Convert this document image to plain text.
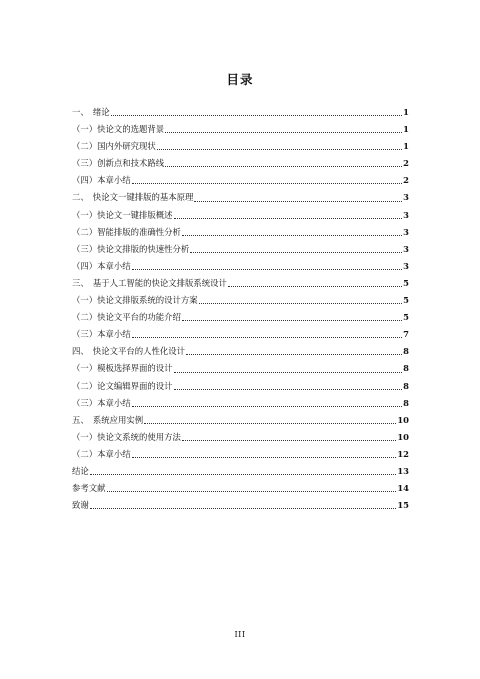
目录
一、　绪论	1
（一）快论文的选题背景	1
（二）国内外研究现状	1
（三）创新点和技术路线	2
（四）本章小结	2
二、　快论文一键排版的基本原理	3
（一）快论文一键排版概述	3
（二）智能排版的准确性分析	3
（三）快论文排版的快速性分析	3
（四）本章小结	3
三、　基于人工智能的快论文排版系统设计	5
（一）快论文排版系统的设计方案	5
（二）快论文平台的功能介绍	5
（三）本章小结	7
四、　快论文平台的人性化设计	8
（一）模板选择界面的设计	8
（二）论文编辑界面的设计	8
（三）本章小结	8
五、　系统应用实例	10
（一）快论文系统的使用方法	10
（二）本章小结	12
结论	13
参考文献	14
致谢	15
III
